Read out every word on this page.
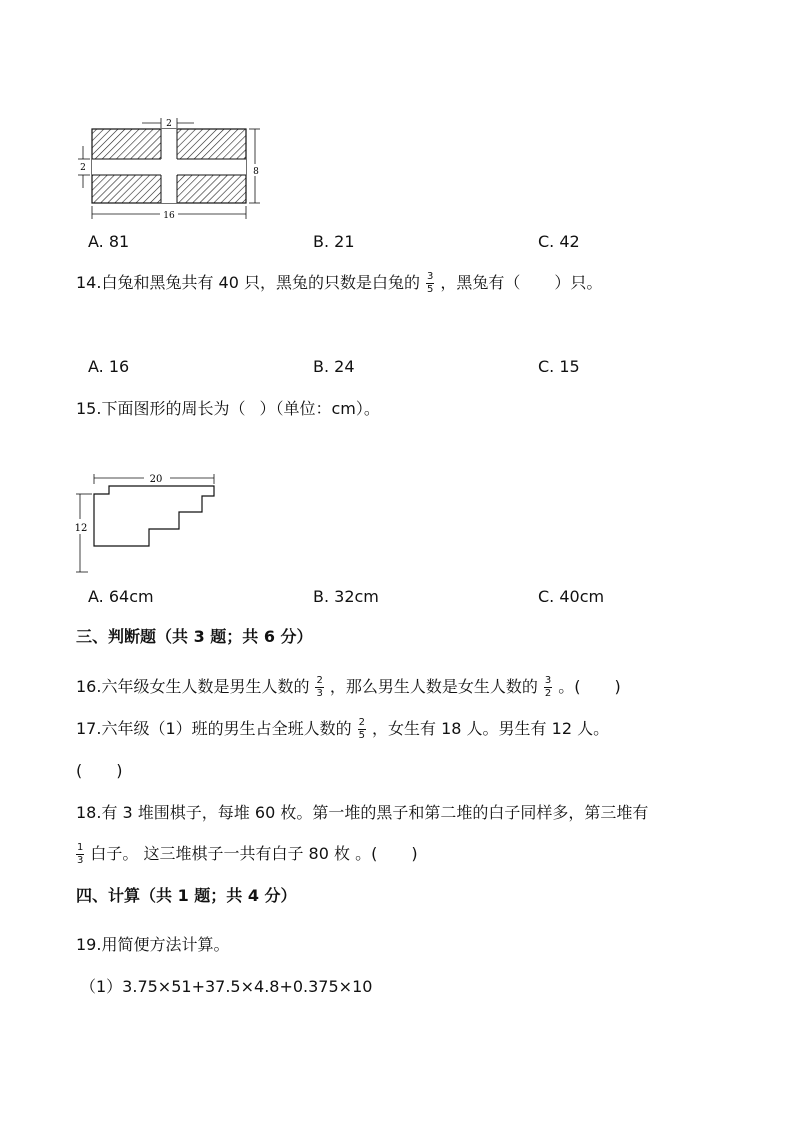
2
2	8
16
A. 81	B. 21	C. 42
14.白兔和黑兔共有 40 只，黑兔的只数是白兔的 $\frac{3}{5}$ ，黑兔有（ ）只。
A. 16	B. 24	C. 15
15.下面图形的周长为（ ）（单位：cm）。
20
12
A. 64cm	B. 32cm	C. 40cm
三、判断题（共 3 题；共 6 分）
16.六年级女生人数是男生人数的 $\frac{2}{3}$ ，那么男生人数是女生人数的 $\frac{3}{2}$ 。( )
17.六年级（1）班的男生占全班人数的 $\frac{2}{5}$ ，女生有 18 人。男生有 12 人。
( )
18.有 3 堆围棋子，每堆 60 枚。第一堆的黑子和第二堆的白子同样多，第三堆有
$\frac{1}{3}$ 白子。 这三堆棋子一共有白子 80 枚 。( )
四、计算（共 1 题；共 4 分）
19.用简便方法计算。
（1）3.75×51+37.5×4.8+0.375×10
